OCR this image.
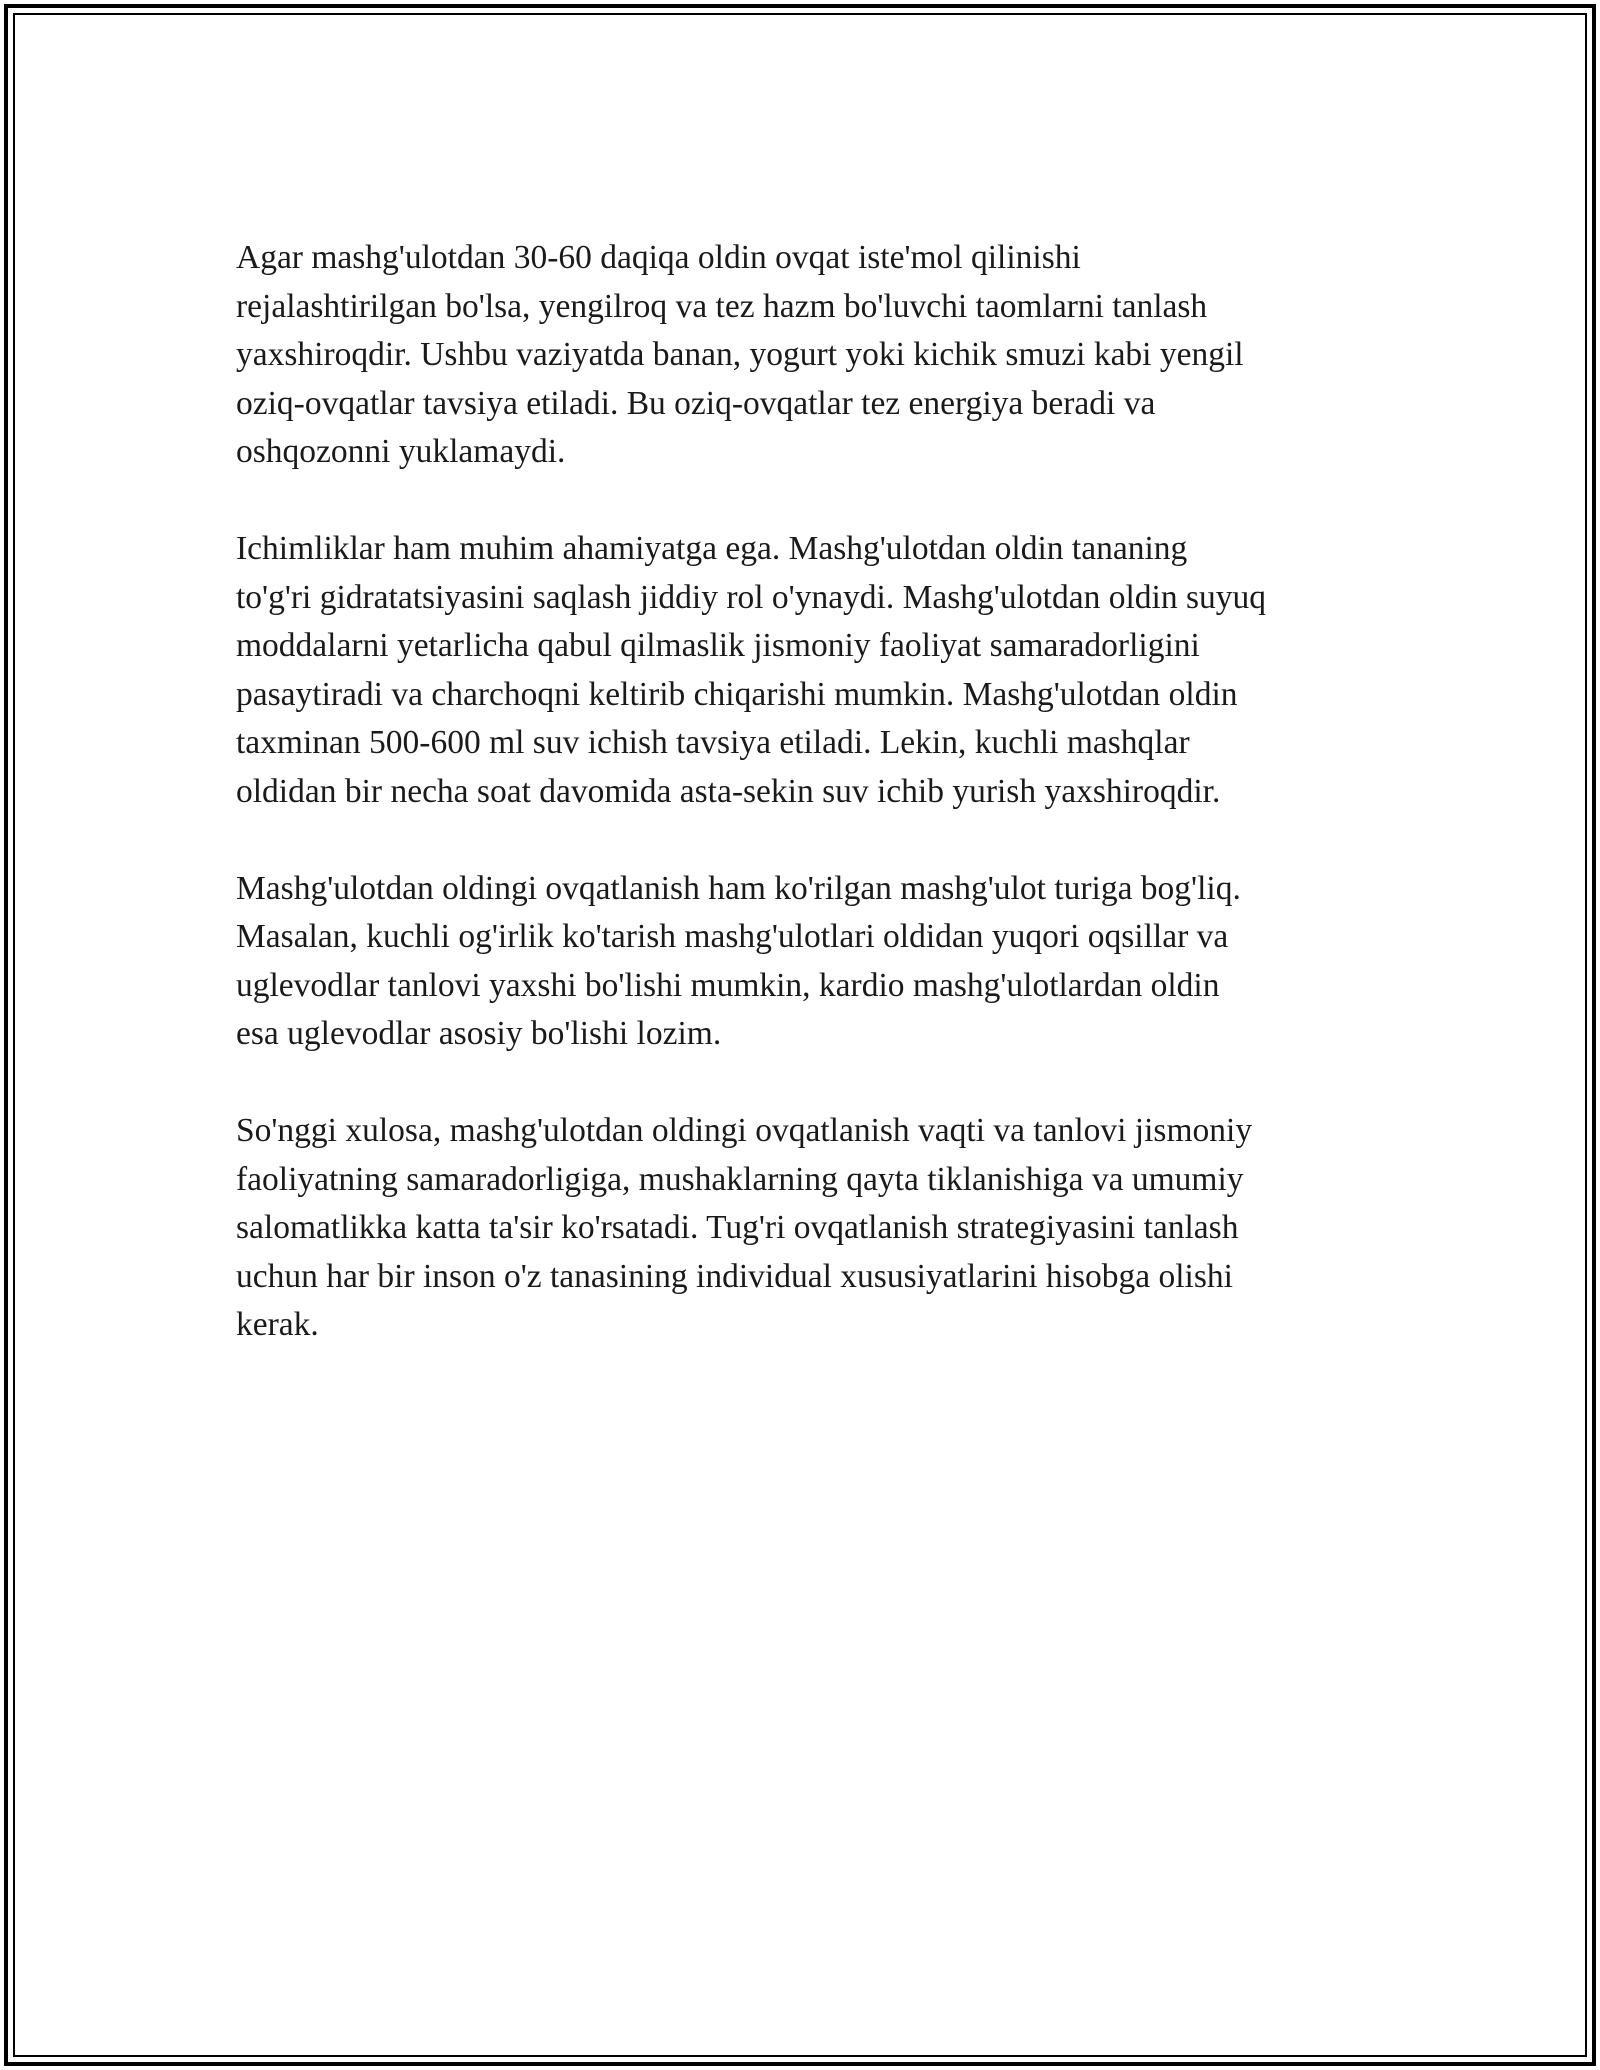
Agar mashg'ulotdan 30-60 daqiqa oldin ovqat iste'mol qilinishi
rejalashtirilgan bo'lsa, yengilroq va tez hazm bo'luvchi taomlarni tanlash
yaxshiroqdir. Ushbu vaziyatda banan, yogurt yoki kichik smuzi kabi yengil
oziq-ovqatlar tavsiya etiladi. Bu oziq-ovqatlar tez energiya beradi va
oshqozonni yuklamaydi.

Ichimliklar ham muhim ahamiyatga ega. Mashg'ulotdan oldin tananing
to'g'ri gidratatsiyasini saqlash jiddiy rol o'ynaydi. Mashg'ulotdan oldin suyuq
moddalarni yetarlicha qabul qilmaslik jismoniy faoliyat samaradorligini
pasaytiradi va charchoqni keltirib chiqarishi mumkin. Mashg'ulotdan oldin
taxminan 500-600 ml suv ichish tavsiya etiladi. Lekin, kuchli mashqlar
oldidan bir necha soat davomida asta-sekin suv ichib yurish yaxshiroqdir.

Mashg'ulotdan oldingi ovqatlanish ham ko'rilgan mashg'ulot turiga bog'liq.
Masalan, kuchli og'irlik ko'tarish mashg'ulotlari oldidan yuqori oqsillar va
uglevodlar tanlovi yaxshi bo'lishi mumkin, kardio mashg'ulotlardan oldin
esa uglevodlar asosiy bo'lishi lozim.

So'nggi xulosa, mashg'ulotdan oldingi ovqatlanish vaqti va tanlovi jismoniy
faoliyatning samaradorligiga, mushaklarning qayta tiklanishiga va umumiy
salomatlikka katta ta'sir ko'rsatadi. Tug'ri ovqatlanish strategiyasini tanlash
uchun har bir inson o'z tanasining individual xususiyatlarini hisobga olishi
kerak.
